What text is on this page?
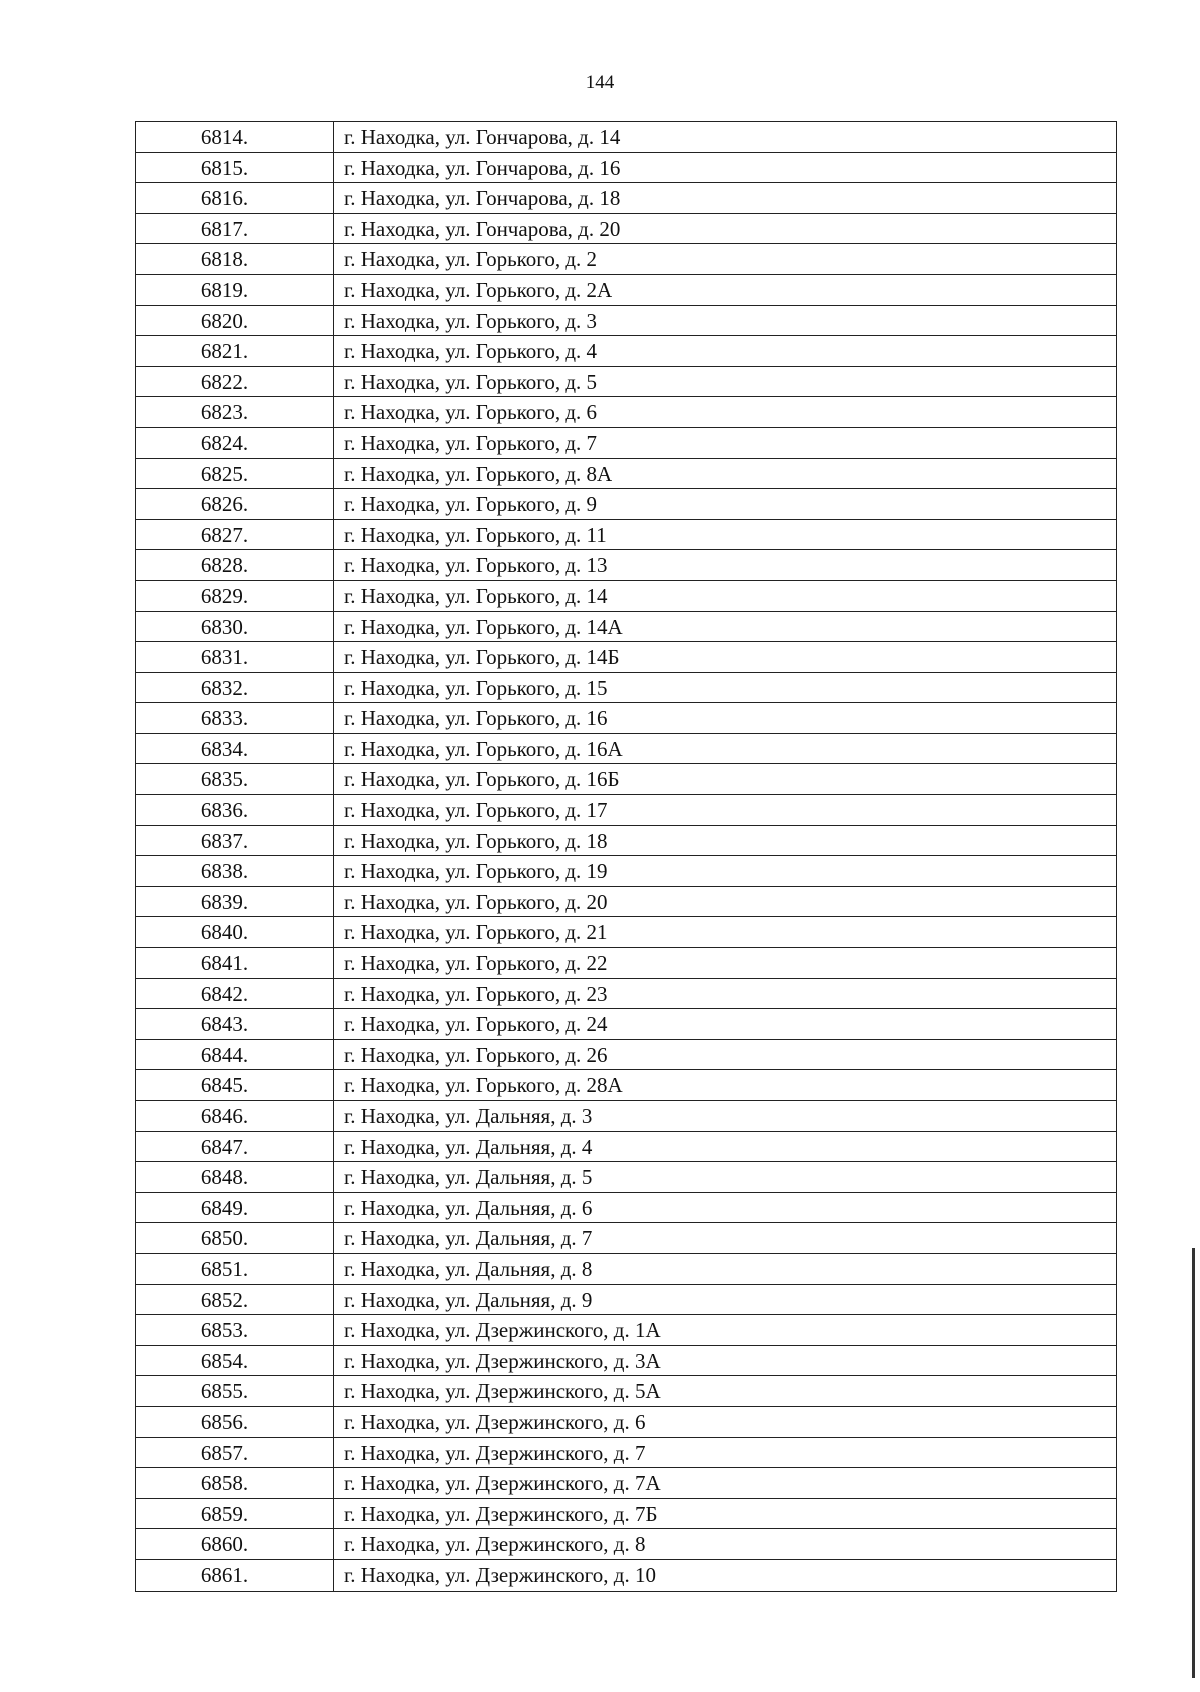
144
6814.	г. Находка, ул. Гончарова, д. 14
6815.	г. Находка, ул. Гончарова, д. 16
6816.	г. Находка, ул. Гончарова, д. 18
6817.	г. Находка, ул. Гончарова, д. 20
6818.	г. Находка, ул. Горького, д. 2
6819.	г. Находка, ул. Горького, д. 2А
6820.	г. Находка, ул. Горького, д. 3
6821.	г. Находка, ул. Горького, д. 4
6822.	г. Находка, ул. Горького, д. 5
6823.	г. Находка, ул. Горького, д. 6
6824.	г. Находка, ул. Горького, д. 7
6825.	г. Находка, ул. Горького, д. 8А
6826.	г. Находка, ул. Горького, д. 9
6827.	г. Находка, ул. Горького, д. 11
6828.	г. Находка, ул. Горького, д. 13
6829.	г. Находка, ул. Горького, д. 14
6830.	г. Находка, ул. Горького, д. 14А
6831.	г. Находка, ул. Горького, д. 14Б
6832.	г. Находка, ул. Горького, д. 15
6833.	г. Находка, ул. Горького, д. 16
6834.	г. Находка, ул. Горького, д. 16А
6835.	г. Находка, ул. Горького, д. 16Б
6836.	г. Находка, ул. Горького, д. 17
6837.	г. Находка, ул. Горького, д. 18
6838.	г. Находка, ул. Горького, д. 19
6839.	г. Находка, ул. Горького, д. 20
6840.	г. Находка, ул. Горького, д. 21
6841.	г. Находка, ул. Горького, д. 22
6842.	г. Находка, ул. Горького, д. 23
6843.	г. Находка, ул. Горького, д. 24
6844.	г. Находка, ул. Горького, д. 26
6845.	г. Находка, ул. Горького, д. 28А
6846.	г. Находка, ул. Дальняя, д. 3
6847.	г. Находка, ул. Дальняя, д. 4
6848.	г. Находка, ул. Дальняя, д. 5
6849.	г. Находка, ул. Дальняя, д. 6
6850.	г. Находка, ул. Дальняя, д. 7
6851.	г. Находка, ул. Дальняя, д. 8
6852.	г. Находка, ул. Дальняя, д. 9
6853.	г. Находка, ул. Дзержинского, д. 1А
6854.	г. Находка, ул. Дзержинского, д. 3А
6855.	г. Находка, ул. Дзержинского, д. 5А
6856.	г. Находка, ул. Дзержинского, д. 6
6857.	г. Находка, ул. Дзержинского, д. 7
6858.	г. Находка, ул. Дзержинского, д. 7А
6859.	г. Находка, ул. Дзержинского, д. 7Б
6860.	г. Находка, ул. Дзержинского, д. 8
6861.	г. Находка, ул. Дзержинского, д. 10
